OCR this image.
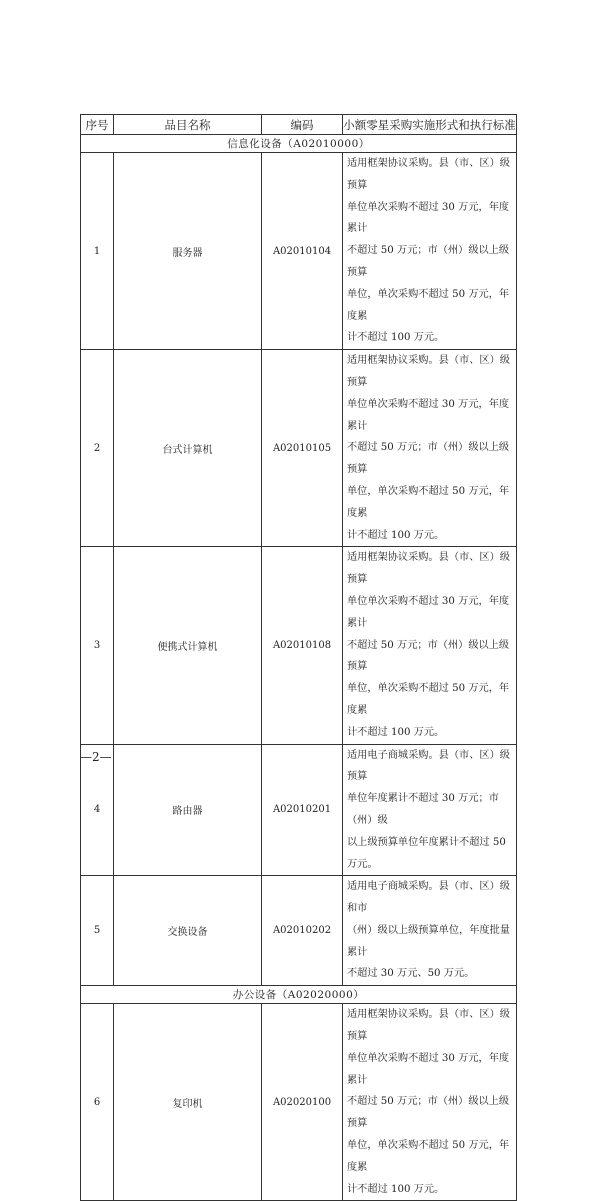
序号	品目名称	编码	小额零星采购实施形式和执行标准
信息化设备（A02010000）			
1	服务器	A02010104	适用框架协议采购。县（市、区）级预算
单位单次采购不超过 30 万元，年度累计
不超过 50 万元；市（州）级以上级预算
单位，单次采购不超过 50 万元，年度累
计不超过 100 万元。

2	台式计算机	A02010105	适用框架协议采购。县（市、区）级预算
单位单次采购不超过 30 万元，年度累计
不超过 50 万元；市（州）级以上级预算
单位，单次采购不超过 50 万元，年度累
计不超过 100 万元。

3	便携式计算机	A02010108	适用框架协议采购。县（市、区）级预算
单位单次采购不超过 30 万元，年度累计
不超过 50 万元；市（州）级以上级预算
单位，单次采购不超过 50 万元，年度累
计不超过 100 万元。

4	路由器	A02010201	适用电子商城采购。县（市、区）级预算
单位年度累计不超过 30 万元；市（州）级
以上级预算单位年度累计不超过 50 万元。

5	交换设备	A02010202	适用电子商城采购。县（市、区）级和市
（州）级以上级预算单位，年度批量累计
不超过 30 万元、50 万元。

办公设备（A02020000）			
6	复印机	A02020100	适用框架协议采购。县（市、区）级预算
单位单次采购不超过 30 万元，年度累计
不超过 50 万元；市（州）级以上级预算
单位，单次采购不超过 50 万元，年度累
计不超过 100 万元。
—2—
